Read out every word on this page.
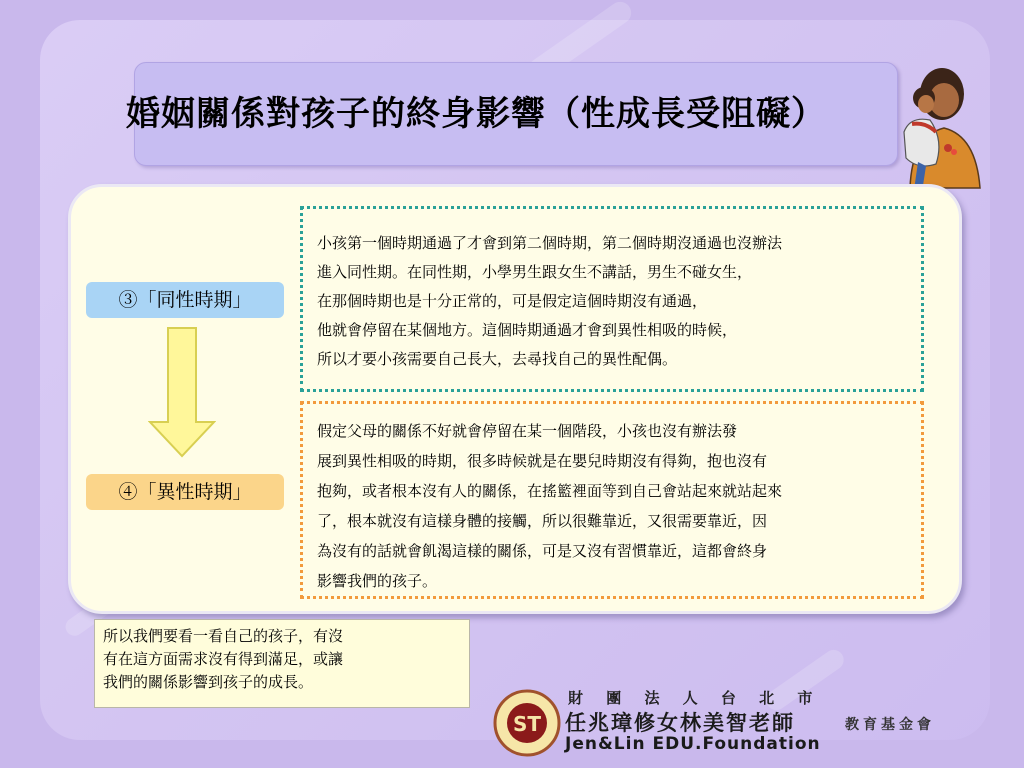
婚姻關係對孩子的終身影響（性成長受阻礙）
③「同性時期」
④「異性時期」
小孩第一個時期通過了才會到第二個時期，第二個時期沒通過也沒辦法
進入同性期。在同性期，小學男生跟女生不講話，男生不碰女生，
在那個時期也是十分正常的，可是假定這個時期沒有通過，
他就會停留在某個地方。這個時期通過才會到異性相吸的時候，
所以才要小孩需要自己長大，去尋找自己的異性配偶。
假定父母的關係不好就會停留在某一個階段，小孩也沒有辦法發
展到異性相吸的時期，很多時候就是在嬰兒時期沒有得夠，抱也沒有
抱夠，或者根本沒有人的關係，在搖籃裡面等到自己會站起來就站起來
了，根本就沒有這樣身體的接觸，所以很難靠近，又很需要靠近，因
為沒有的話就會飢渴這樣的關係，可是又沒有習慣靠近，這都會終身
影響我們的孩子。
所以我們要看一看自己的孩子，有沒
有在這方面需求沒有得到滿足，或讓
我們的關係影響到孩子的成長。
ST
財 團 法 人 台 北 市
任兆璋修女林美智老師	教育基金會
Jen&Lin EDU.Foundation
